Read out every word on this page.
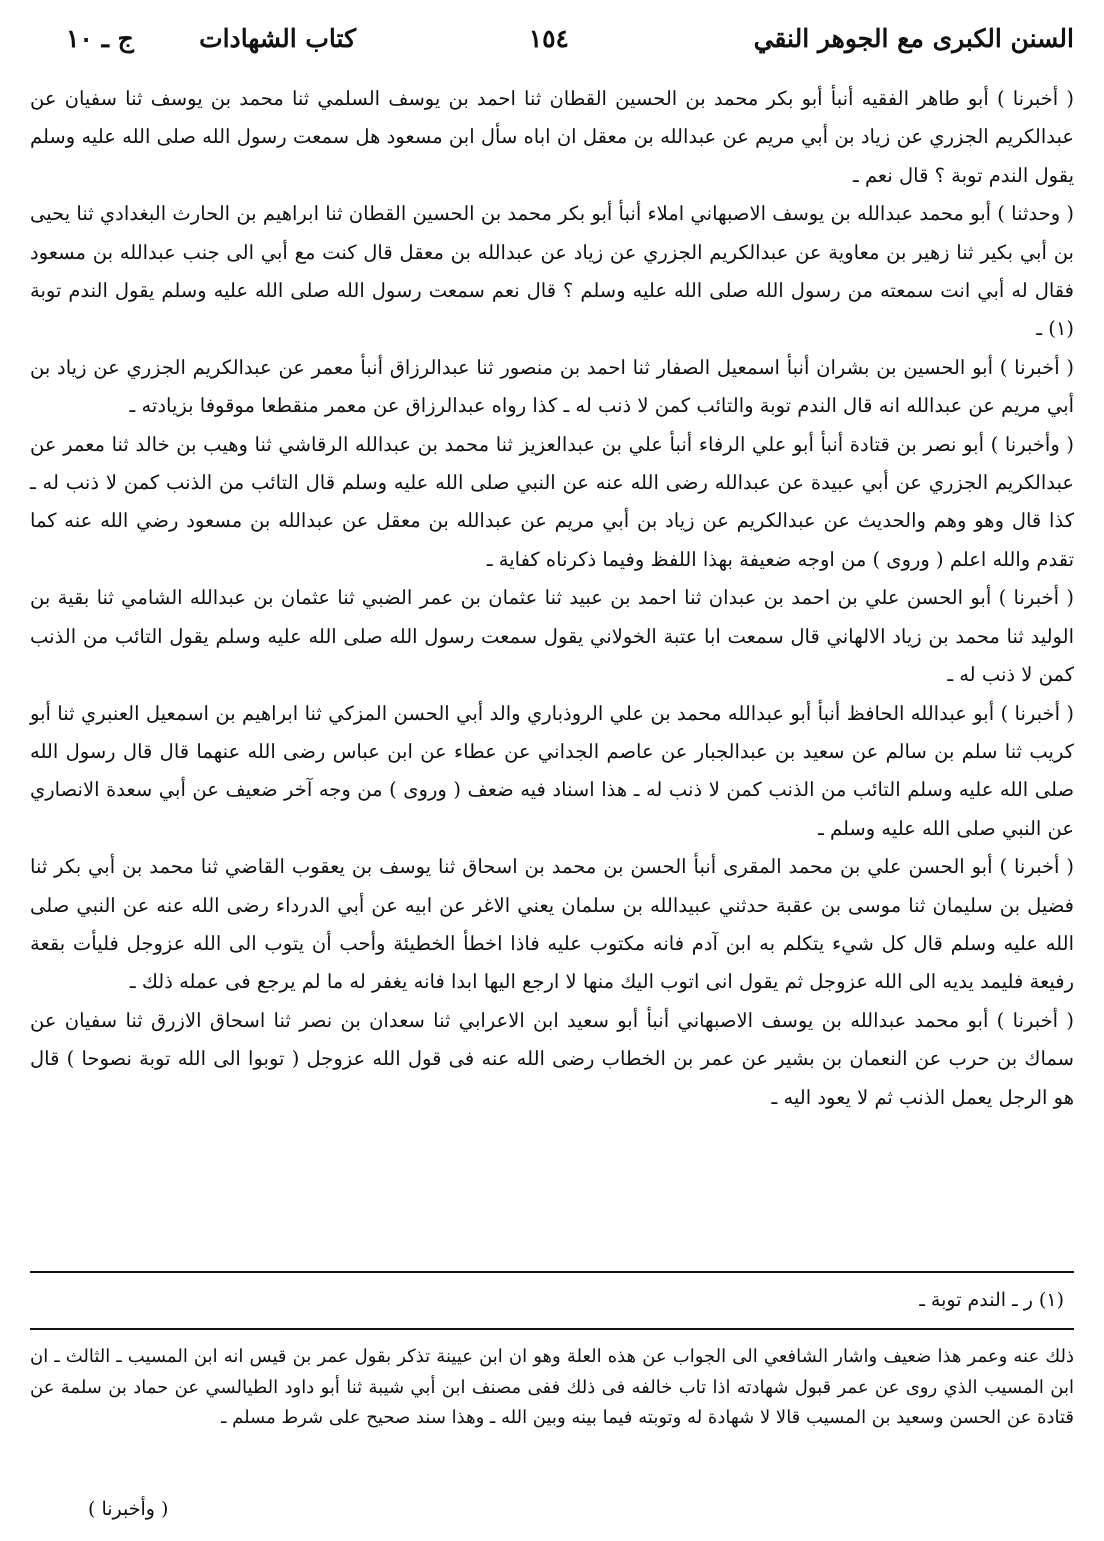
السنن الكبرى مع الجوهر النقي
١٥٤
كتاب الشهادات
ج ـ ١٠

( أخبرنا ) أبو طاهر الفقيه أنبأ أبو بكر محمد بن الحسين القطان ثنا احمد بن يوسف السلمي ثنا محمد بن يوسف ثنا سفيان عن عبدالكريم الجزري عن زياد بن أبي مريم عن عبدالله بن معقل ان اباه سأل ابن مسعود هل سمعت رسول الله صلى الله عليه وسلم يقول الندم توبة ؟ قال نعم ـ

( وحدثنا ) أبو محمد عبدالله بن يوسف الاصبهاني املاء أنبأ أبو بكر محمد بن الحسين القطان ثنا ابراهيم بن الحارث البغدادي ثنا يحيى بن أبي بكير ثنا زهير بن معاوية عن عبدالكريم الجزري عن زياد عن عبدالله بن معقل قال كنت مع أبي الى جنب عبدالله بن مسعود فقال له أبي انت سمعته من رسول الله صلى الله عليه وسلم ؟ قال نعم سمعت رسول الله صلى الله عليه وسلم يقول الندم توبة (١) ـ

( أخبرنا ) أبو الحسين بن بشران أنبأ اسمعيل الصفار ثنا احمد بن منصور ثنا عبدالرزاق أنبأ معمر عن عبدالكريم الجزري عن زياد بن أبي مريم عن عبدالله انه قال الندم توبة والتائب كمن لا ذنب له ـ كذا رواه عبدالرزاق عن معمر منقطعا موقوفا بزيادته ـ

( وأخبرنا ) أبو نصر بن قتادة أنبأ أبو علي الرفاء أنبأ علي بن عبدالعزيز ثنا محمد بن عبدالله الرقاشي ثنا وهيب بن خالد ثنا معمر عن عبدالكريم الجزري عن أبي عبيدة عن عبدالله رضى الله عنه عن النبي صلى الله عليه وسلم قال التائب من الذنب كمن لا ذنب له ـ كذا قال وهو وهم والحديث عن عبدالكريم عن زياد بن أبي مريم عن عبدالله بن معقل عن عبدالله بن مسعود رضي الله عنه كما تقدم والله اعلم ( وروى ) من اوجه ضعيفة بهذا اللفظ وفيما ذكرناه كفاية ـ

( أخبرنا ) أبو الحسن علي بن احمد بن عبدان ثنا احمد بن عبيد ثنا عثمان بن عمر الضبي ثنا عثمان بن عبدالله الشامي ثنا بقية بن الوليد ثنا محمد بن زياد الالهاني قال سمعت ابا عتبة الخولاني يقول سمعت رسول الله صلى الله عليه وسلم يقول التائب من الذنب كمن لا ذنب له ـ

( أخبرنا ) أبو عبدالله الحافظ أنبأ أبو عبدالله محمد بن علي الروذباري والد أبي الحسن المزكي ثنا ابراهيم بن اسمعيل العنبري ثنا أبو كريب ثنا سلم بن سالم عن سعيد بن عبدالجبار عن عاصم الجداني عن عطاء عن ابن عباس رضى الله عنهما قال قال رسول الله صلى الله عليه وسلم التائب من الذنب كمن لا ذنب له ـ هذا اسناد فيه ضعف ( وروى ) من وجه آخر ضعيف عن أبي سعدة الانصاري عن النبي صلى الله عليه وسلم ـ

( أخبرنا ) أبو الحسن علي بن محمد المقرى أنبأ الحسن بن محمد بن اسحاق ثنا يوسف بن يعقوب القاضي ثنا محمد بن أبي بكر ثنا فضيل بن سليمان ثنا موسى بن عقبة حدثني عبيدالله بن سلمان يعني الاغر عن ابيه عن أبي الدرداء رضى الله عنه عن النبي صلى الله عليه وسلم قال كل شيء يتكلم به ابن آدم فانه مكتوب عليه فاذا اخطأ الخطيئة وأحب أن يتوب الى الله عزوجل فليأت بقعة رفيعة فليمد يديه الى الله عزوجل ثم يقول انى اتوب اليك منها لا ارجع اليها ابدا فانه يغفر له ما لم يرجع فى عمله ذلك ـ

( أخبرنا ) أبو محمد عبدالله بن يوسف الاصبهاني أنبأ أبو سعيد ابن الاعرابي ثنا سعدان بن نصر ثنا اسحاق الازرق ثنا سفيان عن سماك بن حرب عن النعمان بن بشير عن عمر بن الخطاب رضى الله عنه فى قول الله عزوجل ( توبوا الى الله توبة نصوحا ) قال هو الرجل يعمل الذنب ثم لا يعود اليه ـ

(١) ر ـ الندم توبة ـ

ذلك عنه وعمر هذا ضعيف واشار الشافعي الى الجواب عن هذه العلة وهو ان ابن عيينة تذكر بقول عمر بن قيس انه ابن المسيب ـ الثالث ـ ان ابن المسيب الذي روى عن عمر قبول شهادته اذا تاب خالفه فى ذلك ففى مصنف ابن أبي شيبة ثنا أبو داود الطيالسي عن حماد بن سلمة عن قتادة عن الحسن وسعيد بن المسيب قالا لا شهادة له وتوبته فيما بينه وبين الله ـ وهذا سند صحيح على شرط مسلم ـ

( وأخبرنا )
